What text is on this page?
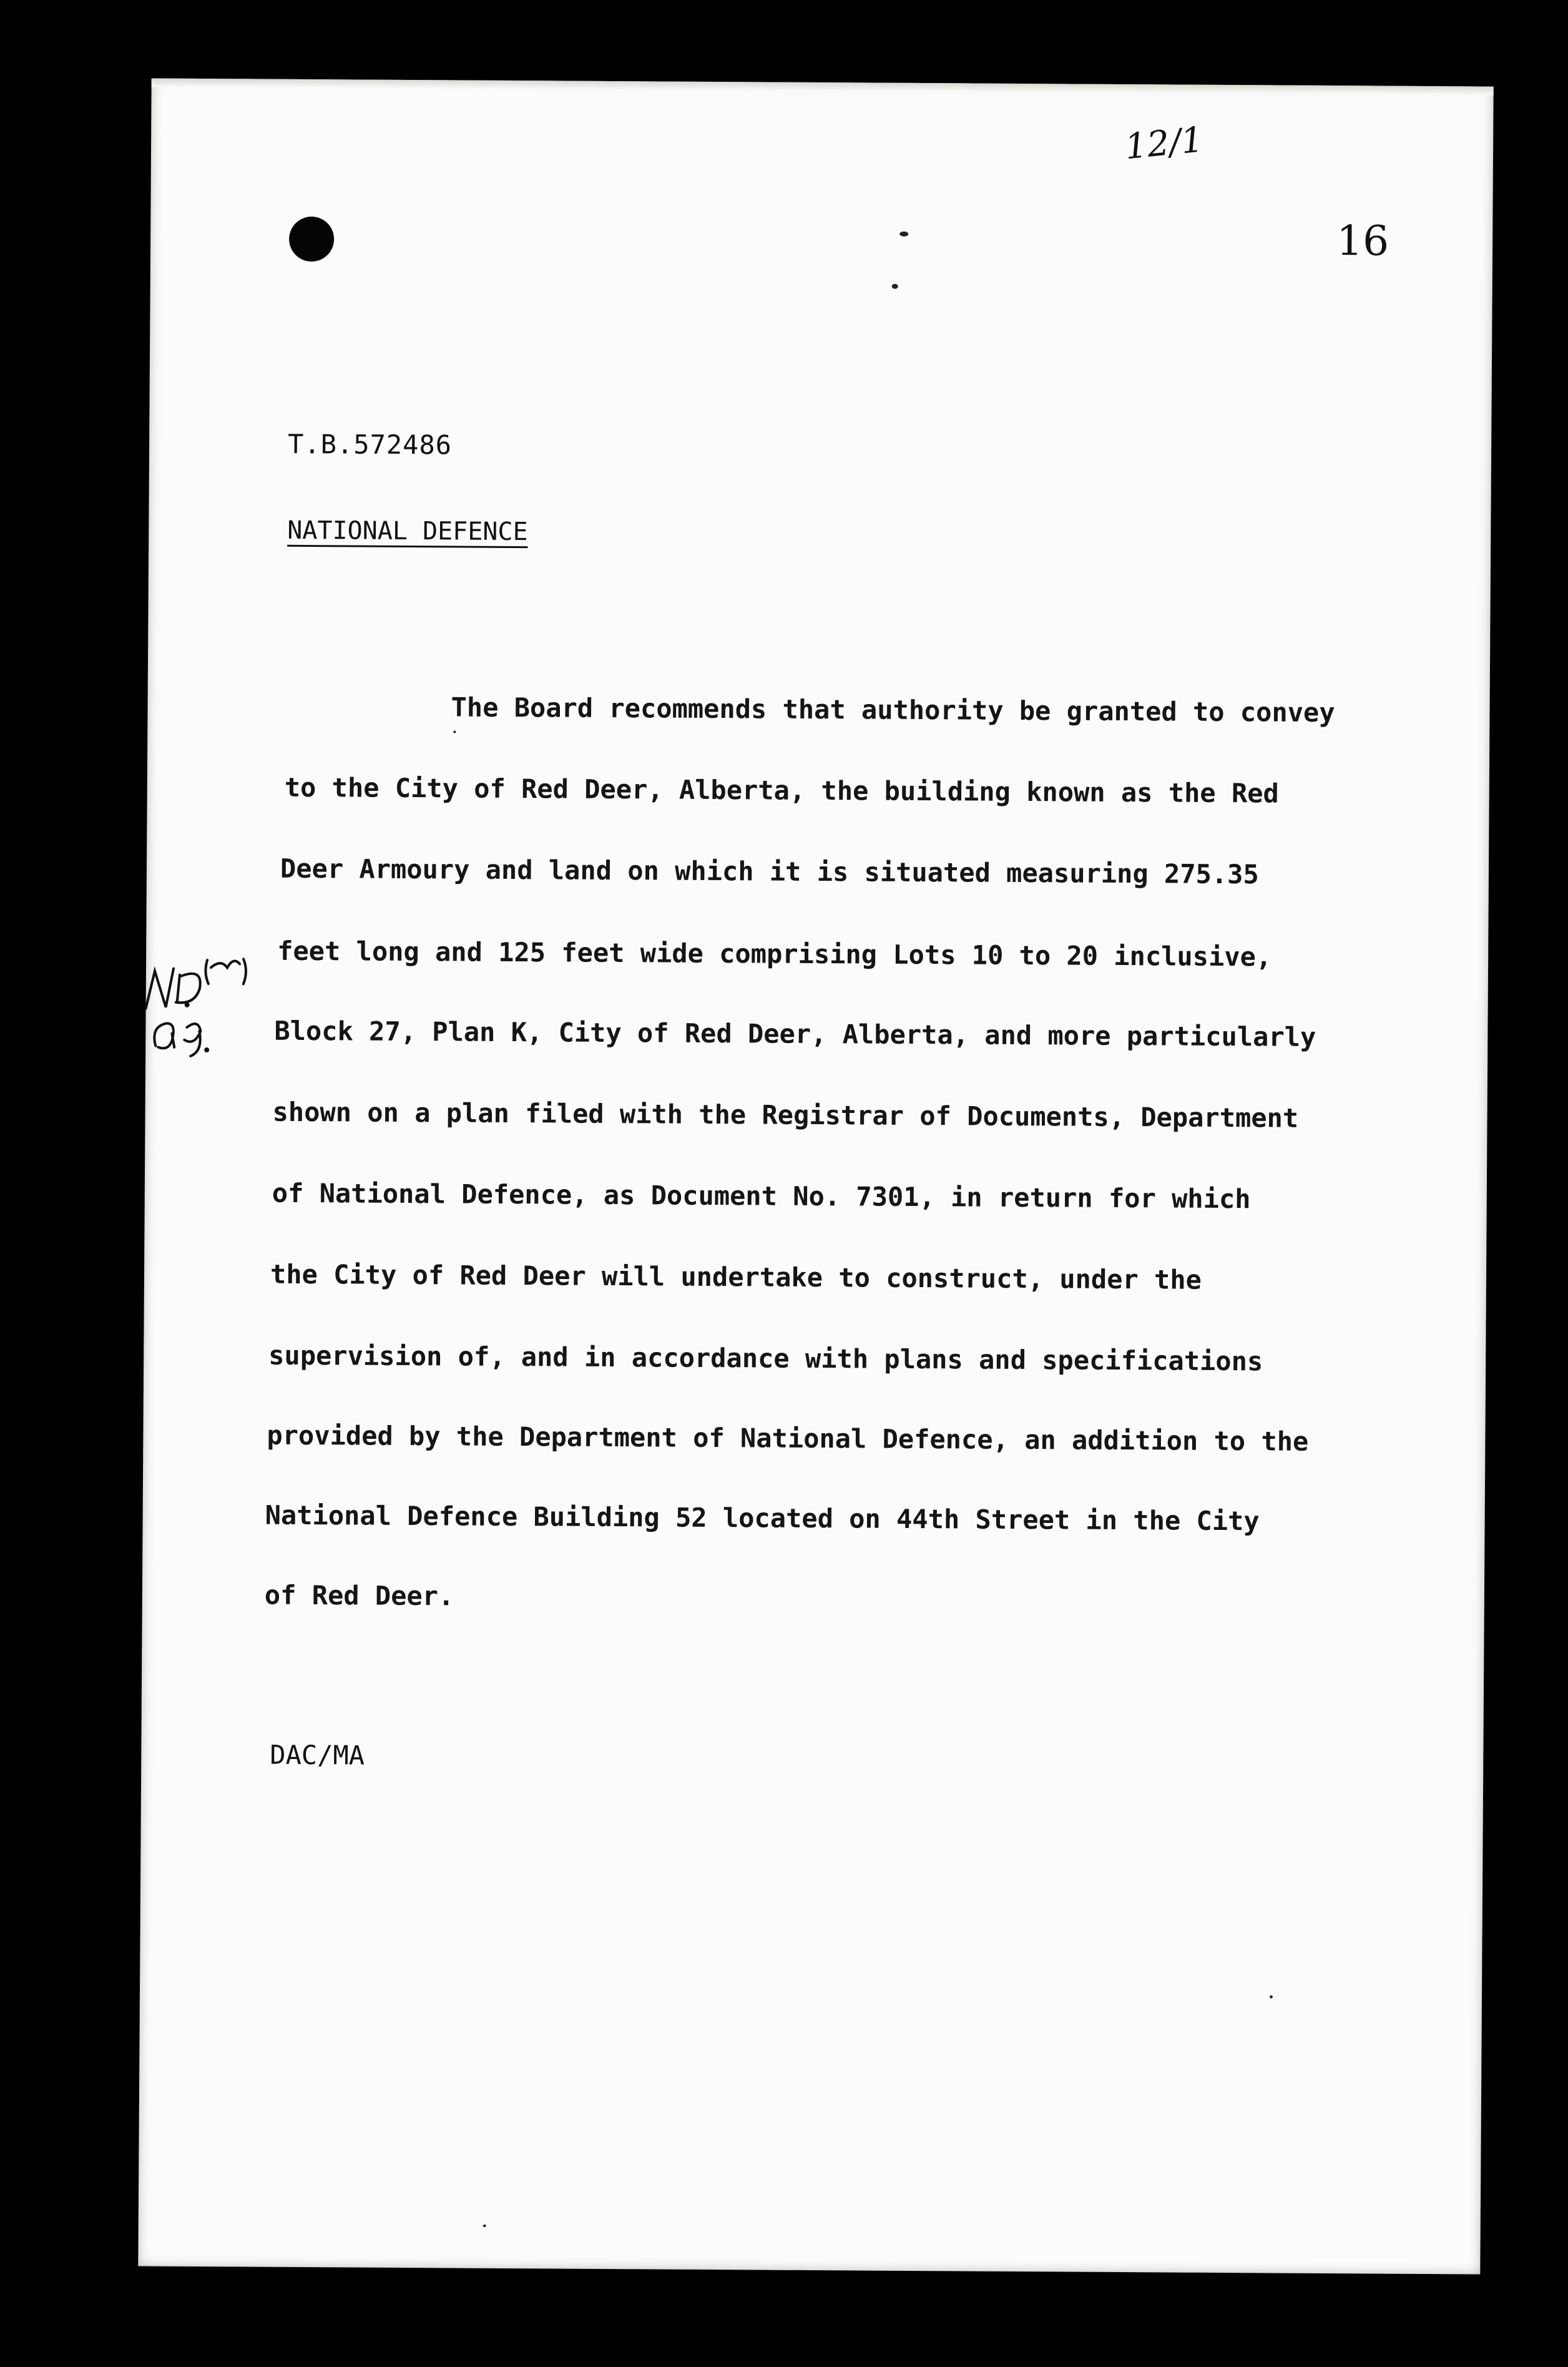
12/1
16
T.B.572486
NATIONAL DEFENCE
The Board recommends that authority be granted to convey
to the City of Red Deer, Alberta, the building known as the Red
Deer Armoury and land on which it is situated measuring 275.35
feet long and 125 feet wide comprising Lots 10 to 20 inclusive,
Block 27, Plan K, City of Red Deer, Alberta, and more particularly
shown on a plan filed with the Registrar of Documents, Department
of National Defence, as Document No. 7301, in return for which
the City of Red Deer will undertake to construct, under the
supervision of, and in accordance with plans and specifications
provided by the Department of National Defence, an addition to the
National Defence Building 52 located on 44th Street in the City
of Red Deer.
DAC/MA
